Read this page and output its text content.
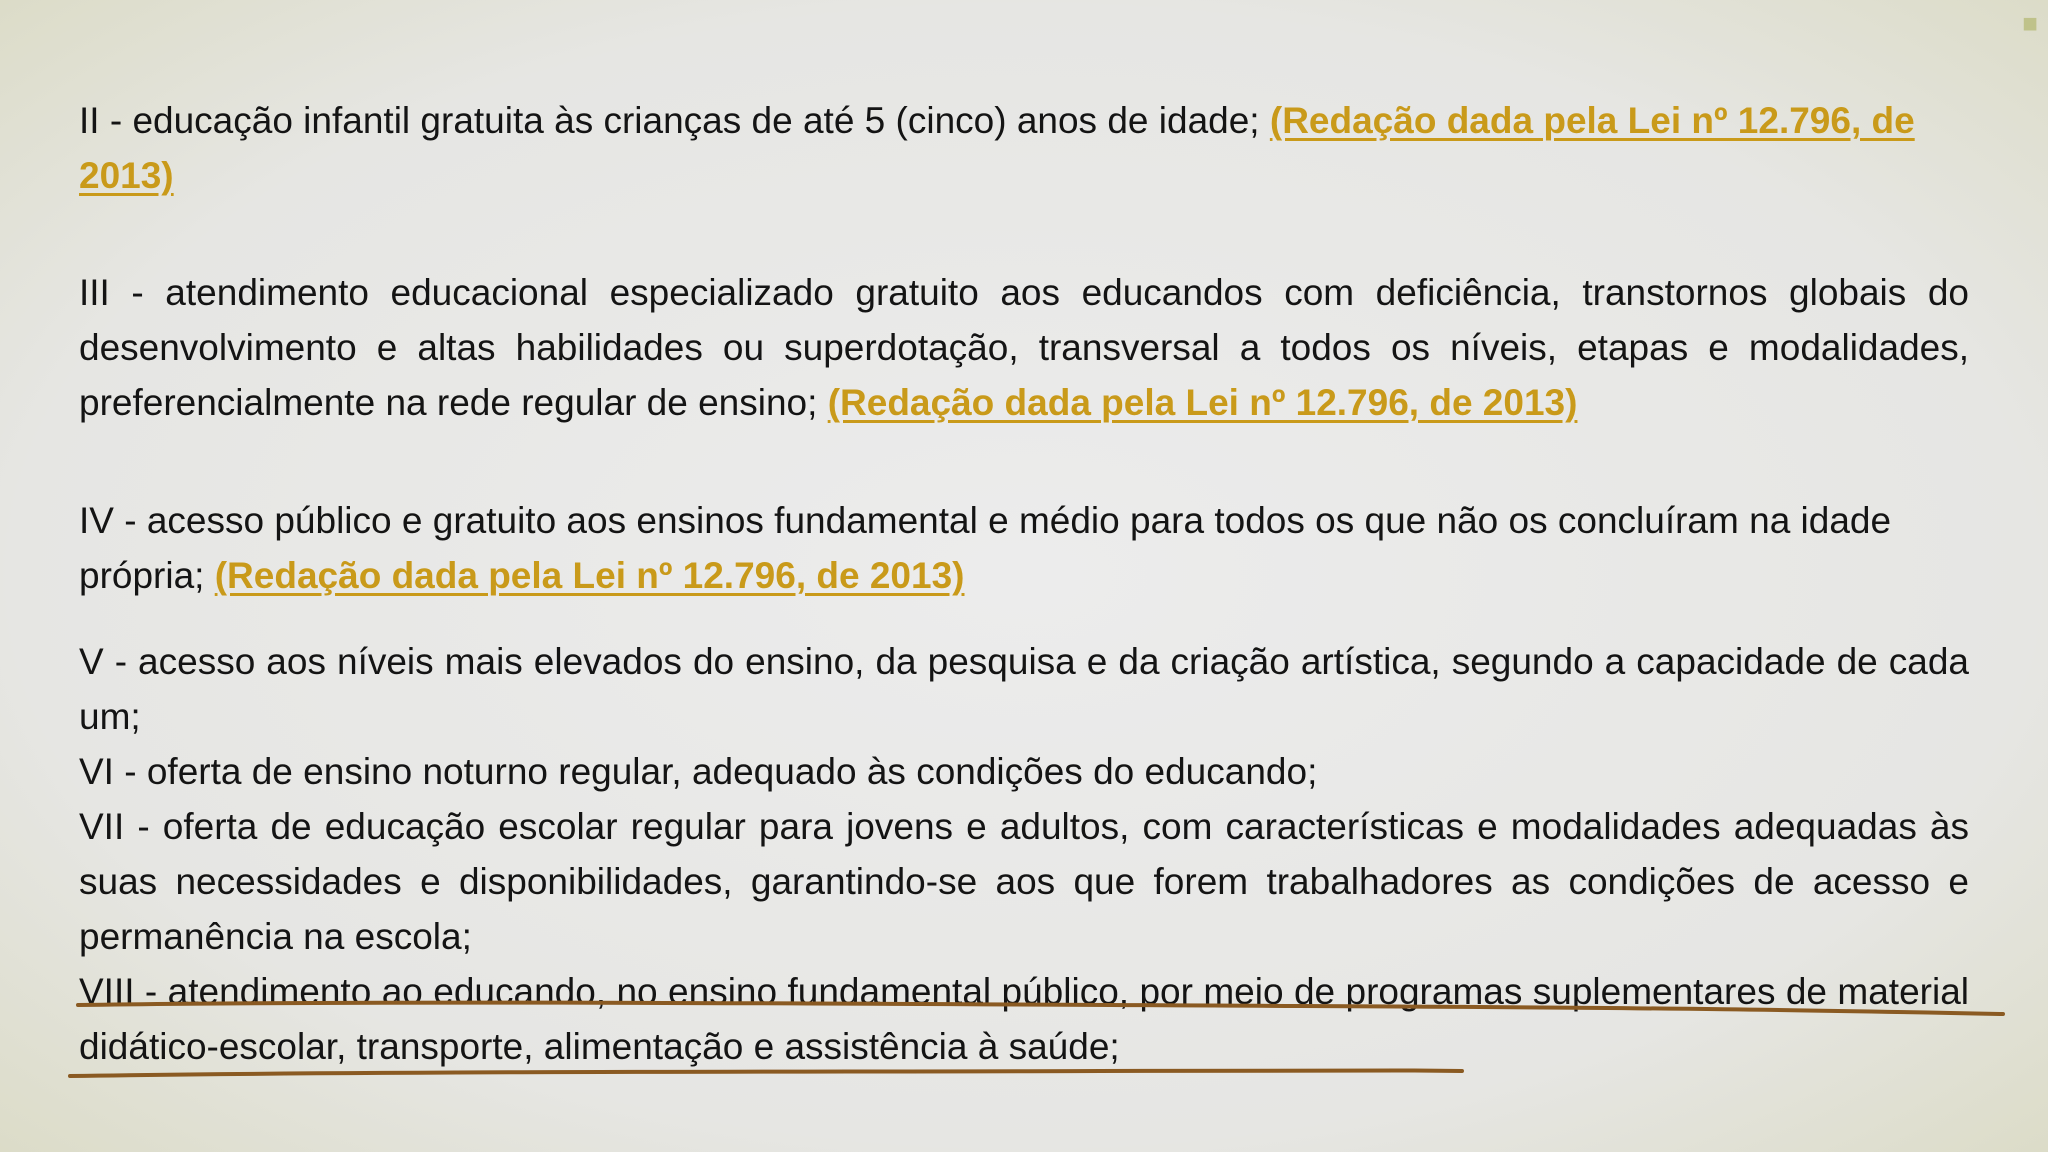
■

II - educação infantil gratuita às crianças de até 5 (cinco) anos de idade; (Redação dada pela Lei nº 12.796, de 2013)

III - atendimento educacional especializado gratuito aos educandos com deficiência, transtornos globais do desenvolvimento e altas habilidades ou superdotação, transversal a todos os níveis, etapas e modalidades, preferencialmente na rede regular de ensino; (Redação dada pela Lei nº 12.796, de 2013)

IV - acesso público e gratuito aos ensinos fundamental e médio para todos os que não os concluíram na idade própria; (Redação dada pela Lei nº 12.796, de 2013)

V - acesso aos níveis mais elevados do ensino, da pesquisa e da criação artística, segundo a capacidade de cada um;

VI - oferta de ensino noturno regular, adequado às condições do educando;

VII - oferta de educação escolar regular para jovens e adultos, com características e modalidades adequadas às suas necessidades e disponibilidades, garantindo-se aos que forem trabalhadores as condições de acesso e permanência na escola;

VIII - atendimento ao educando, no ensino fundamental público, por meio de programas suplementares de material didático-escolar, transporte, alimentação e assistência à saúde;
